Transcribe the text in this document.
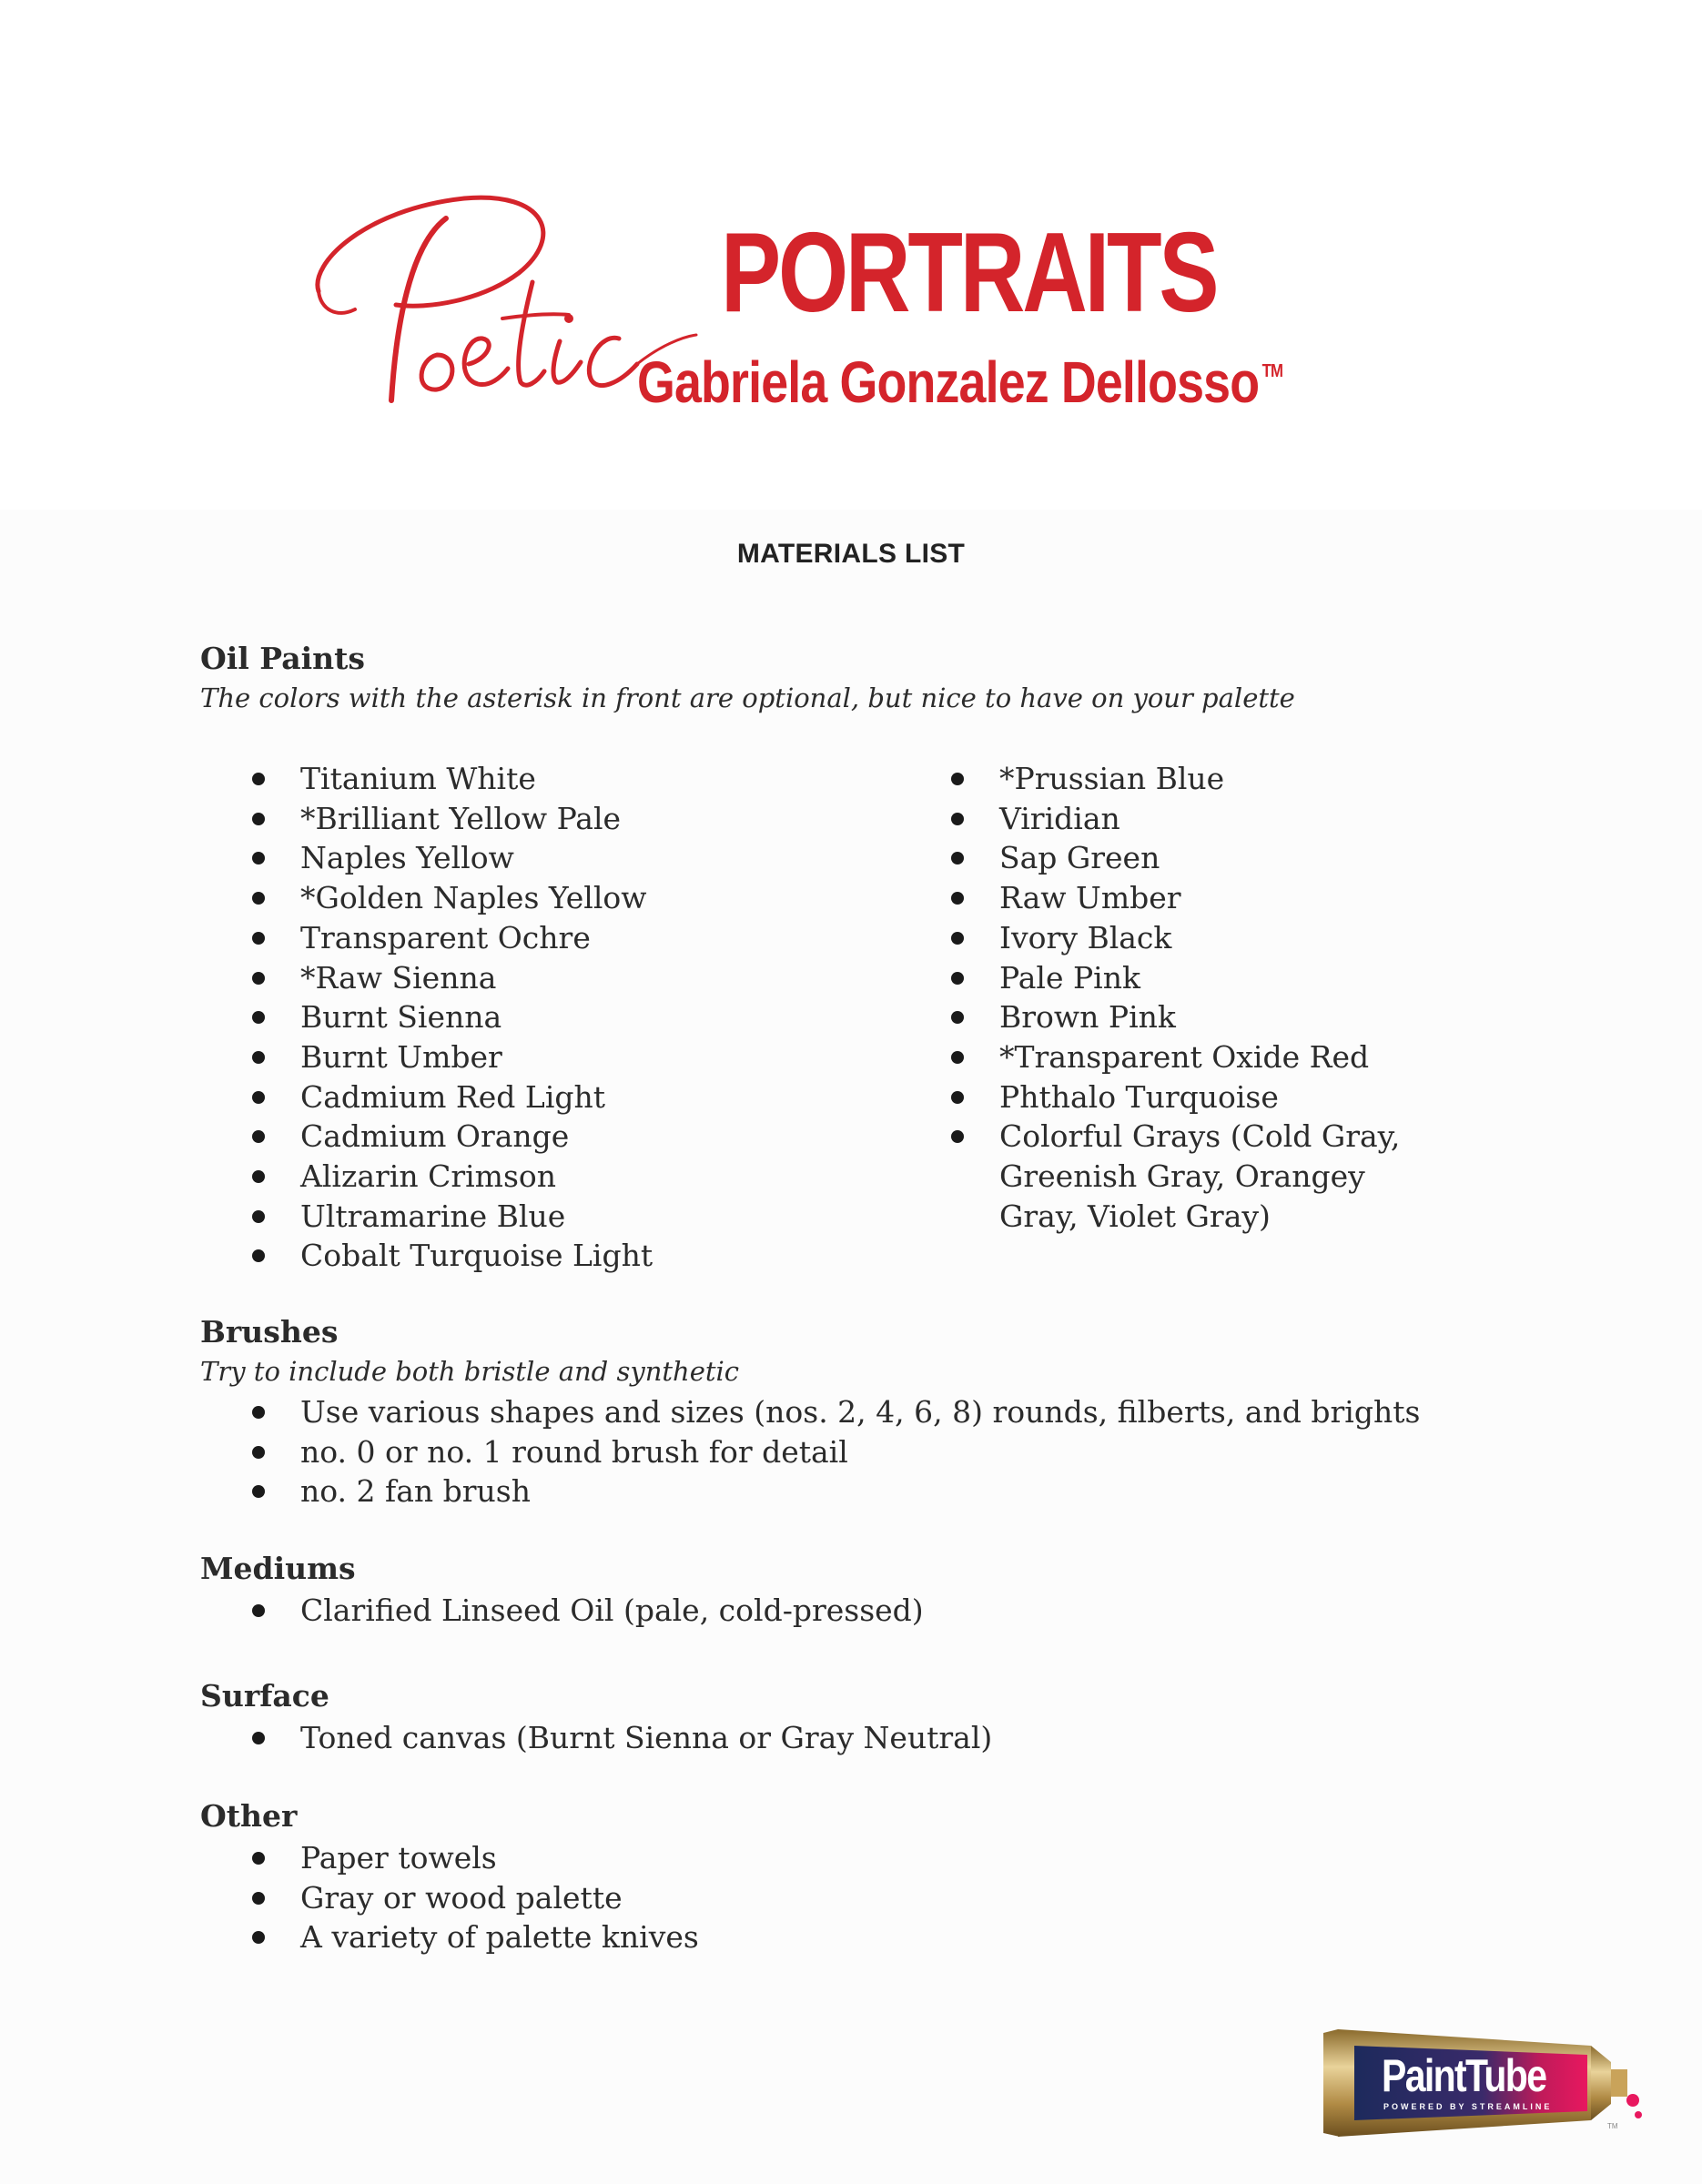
PORTRAITS
Gabriela Gonzalez Dellosso ™
MATERIALS LIST
Oil Paints
The colors with the asterisk in front are optional, but nice to have on your palette
Titanium White
*Brilliant Yellow Pale
Naples Yellow
*Golden Naples Yellow
Transparent Ochre
*Raw Sienna
Burnt Sienna
Burnt Umber
Cadmium Red Light
Cadmium Orange
Alizarin Crimson
Ultramarine Blue
Cobalt Turquoise Light
*Prussian Blue
Viridian
Sap Green
Raw Umber
Ivory Black
Pale Pink
Brown Pink
*Transparent Oxide Red
Phthalo Turquoise
Colorful Grays (Cold Gray, Greenish Gray, Orangey Gray, Violet Gray)
Brushes
Try to include both bristle and synthetic
Use various shapes and sizes (nos. 2, 4, 6, 8) rounds, filberts, and brights
no. 0 or no. 1 round brush for detail
no. 2 fan brush
Mediums
Clarified Linseed Oil (pale, cold-pressed)
Surface
Toned canvas (Burnt Sienna or Gray Neutral)
Other
Paper towels
Gray or wood palette
A variety of palette knives
PaintTube
POWERED BY STREAMLINE
TM
